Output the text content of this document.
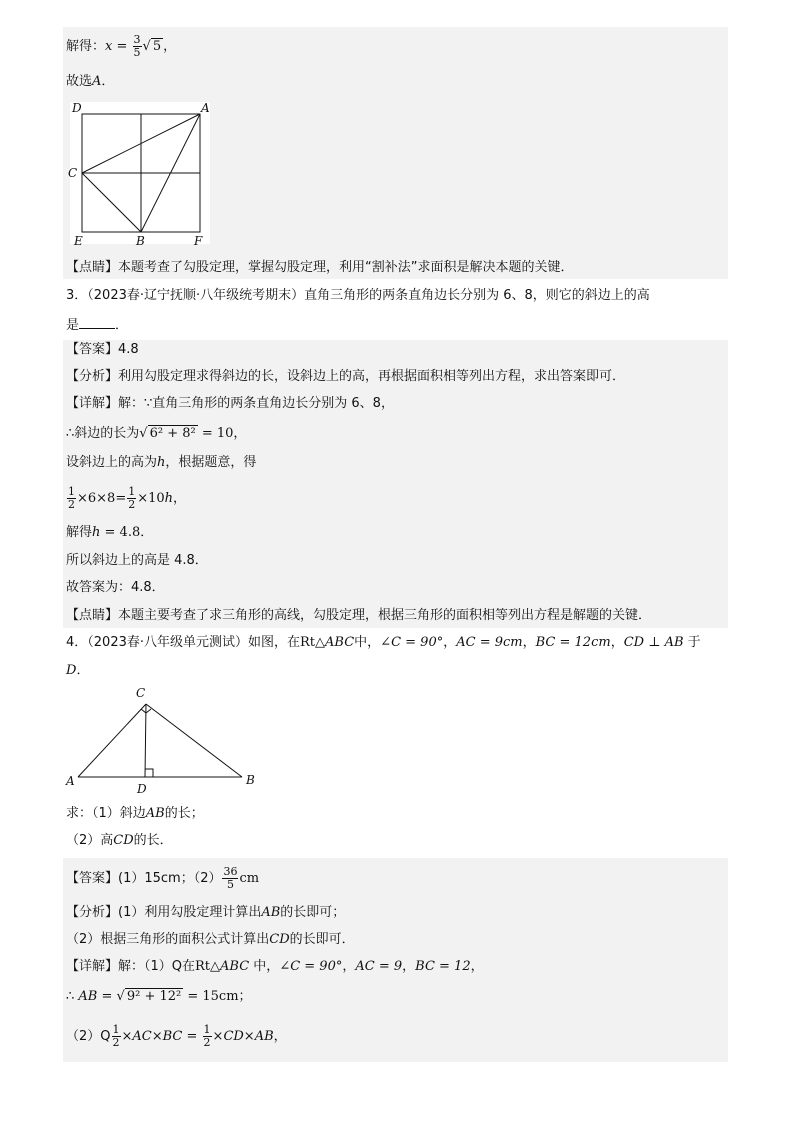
解得：$x = \frac{3}{5}$ √ 5 ，
故选A．
D	A
C
E	B	F
【点睛】本题考查了勾股定理，掌握勾股定理，利用“割补法”求面积是解决本题的关键．
3．（2023春·辽宁抚顺·八年级统考期末）直角三角形的两条直角边长分别为 6、8，则它的斜边上的高
是	．
【答案】4.8
【分析】利用勾股定理求得斜边的长，设斜边上的高，再根据面积相等列出方程，求出答案即可．
【详解】解：∵直角三角形的两条直角边长分别为 6、8，
∴斜边的长为√ 6² + 8² = 10，
设斜边上的高为h，根据题意，得
$\frac{1}{2} \times 6\times 8= \frac{1}{2} \times 10h$，
解得h = 4.8．
所以斜边上的高是 4.8．
故答案为：4.8．
【点睛】本题主要考查了求三角形的高线，勾股定理，根据三角形的面积相等列出方程是解题的关键．
4．（2023春·八年级单元测试）如图，在Rt△ABC中，∠C = 90°，AC = 9cm，BC = 12cm，CD ⊥ AB 于
D．
C
A
D
B
求：（1）斜边AB的长；
（2）高CD的长．
【答案】(1）15cm；$(2) \frac{36}{5}$ cm
【分析】(1）利用勾股定理计算出AB的长即可；
（2）根据三角形的面积公式计算出CD的长即可．
【详解】解：（1）Q在Rt△ABC 中，∠C = 90°，AC = 9，BC = 12，
∴ AB = √ 9² + 12² = 15cm；
$(2)Q \frac{1}{2} \times AC\times BC = \frac{1}{2} \times CD\times AB$，
